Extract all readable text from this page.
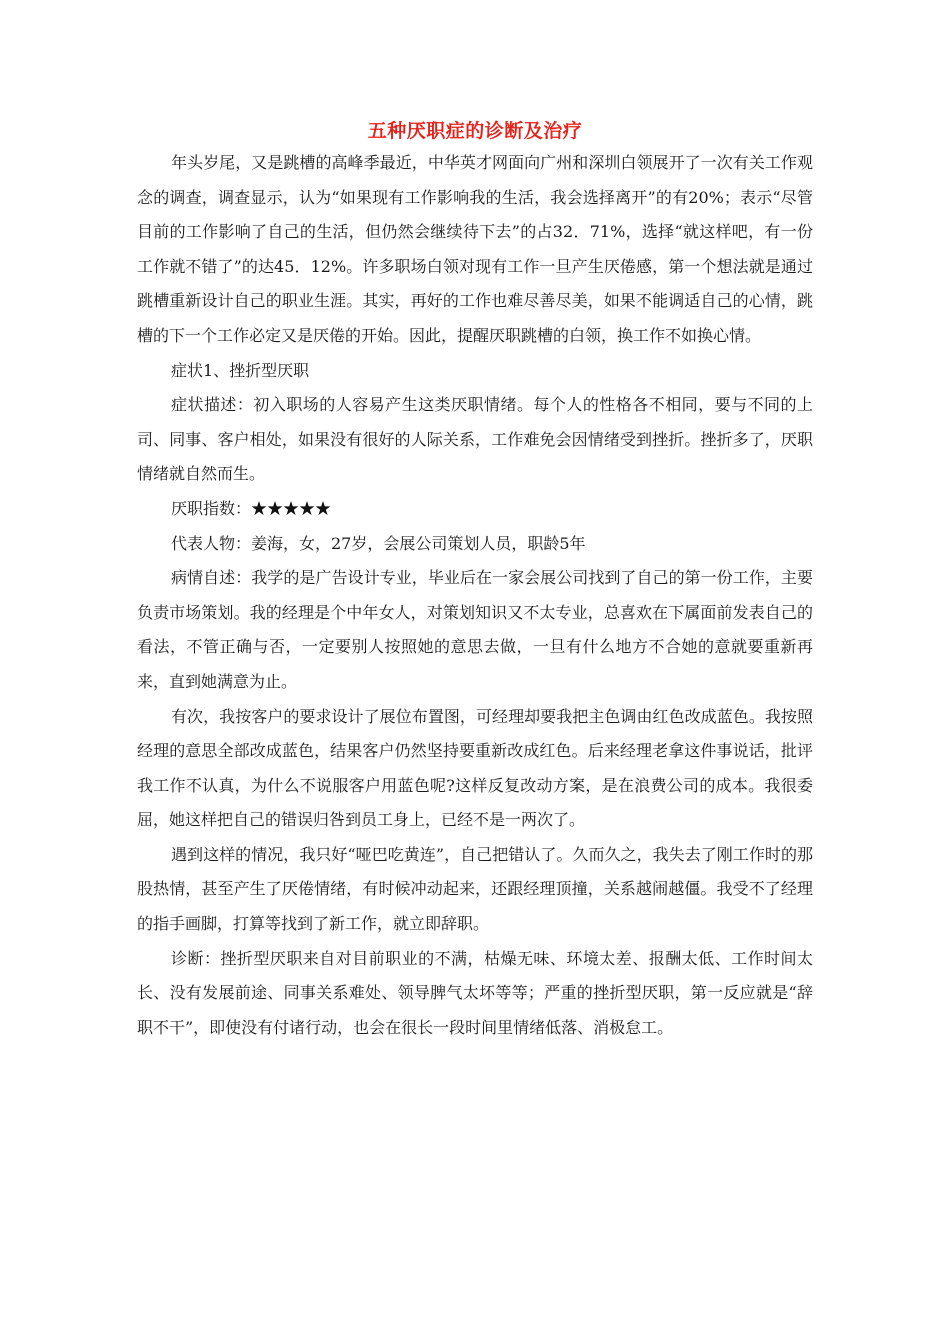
五种厌职症的诊断及治疗

年头岁尾，又是跳槽的高峰季最近，中华英才网面向广州和深圳白领展开了一次有关工作观念的调查，调查显示，认为“如果现有工作影响我的生活，我会选择离开”的有20%；表示“尽管目前的工作影响了自己的生活，但仍然会继续待下去”的占32．71%，选择“就这样吧，有一份工作就不错了”的达45．12%。许多职场白领对现有工作一旦产生厌倦感，第一个想法就是通过跳槽重新设计自己的职业生涯。其实，再好的工作也难尽善尽美，如果不能调适自己的心情，跳槽的下一个工作必定又是厌倦的开始。因此，提醒厌职跳槽的白领，换工作不如换心情。

症状1、挫折型厌职

症状描述：初入职场的人容易产生这类厌职情绪。每个人的性格各不相同，要与不同的上司、同事、客户相处，如果没有很好的人际关系，工作难免会因情绪受到挫折。挫折多了，厌职情绪就自然而生。

厌职指数：★★★★★

代表人物：姜海，女，27岁，会展公司策划人员，职龄5年

病情自述：我学的是广告设计专业，毕业后在一家会展公司找到了自己的第一份工作，主要负责市场策划。我的经理是个中年女人，对策划知识又不太专业，总喜欢在下属面前发表自己的看法，不管正确与否，一定要别人按照她的意思去做，一旦有什么地方不合她的意就要重新再来，直到她满意为止。

有次，我按客户的要求设计了展位布置图，可经理却要我把主色调由红色改成蓝色。我按照经理的意思全部改成蓝色，结果客户仍然坚持要重新改成红色。后来经理老拿这件事说话，批评我工作不认真，为什么不说服客户用蓝色呢?这样反复改动方案，是在浪费公司的成本。我很委屈，她这样把自己的错误归咎到员工身上，已经不是一两次了。

遇到这样的情况，我只好“哑巴吃黄连”，自己把错认了。久而久之，我失去了刚工作时的那股热情，甚至产生了厌倦情绪，有时候冲动起来，还跟经理顶撞，关系越闹越僵。我受不了经理的指手画脚，打算等找到了新工作，就立即辞职。

诊断：挫折型厌职来自对目前职业的不满，枯燥无味、环境太差、报酬太低、工作时间太长、没有发展前途、同事关系难处、领导脾气太坏等等；严重的挫折型厌职，第一反应就是“辞职不干”，即使没有付诸行动，也会在很长一段时间里情绪低落、消极怠工。
